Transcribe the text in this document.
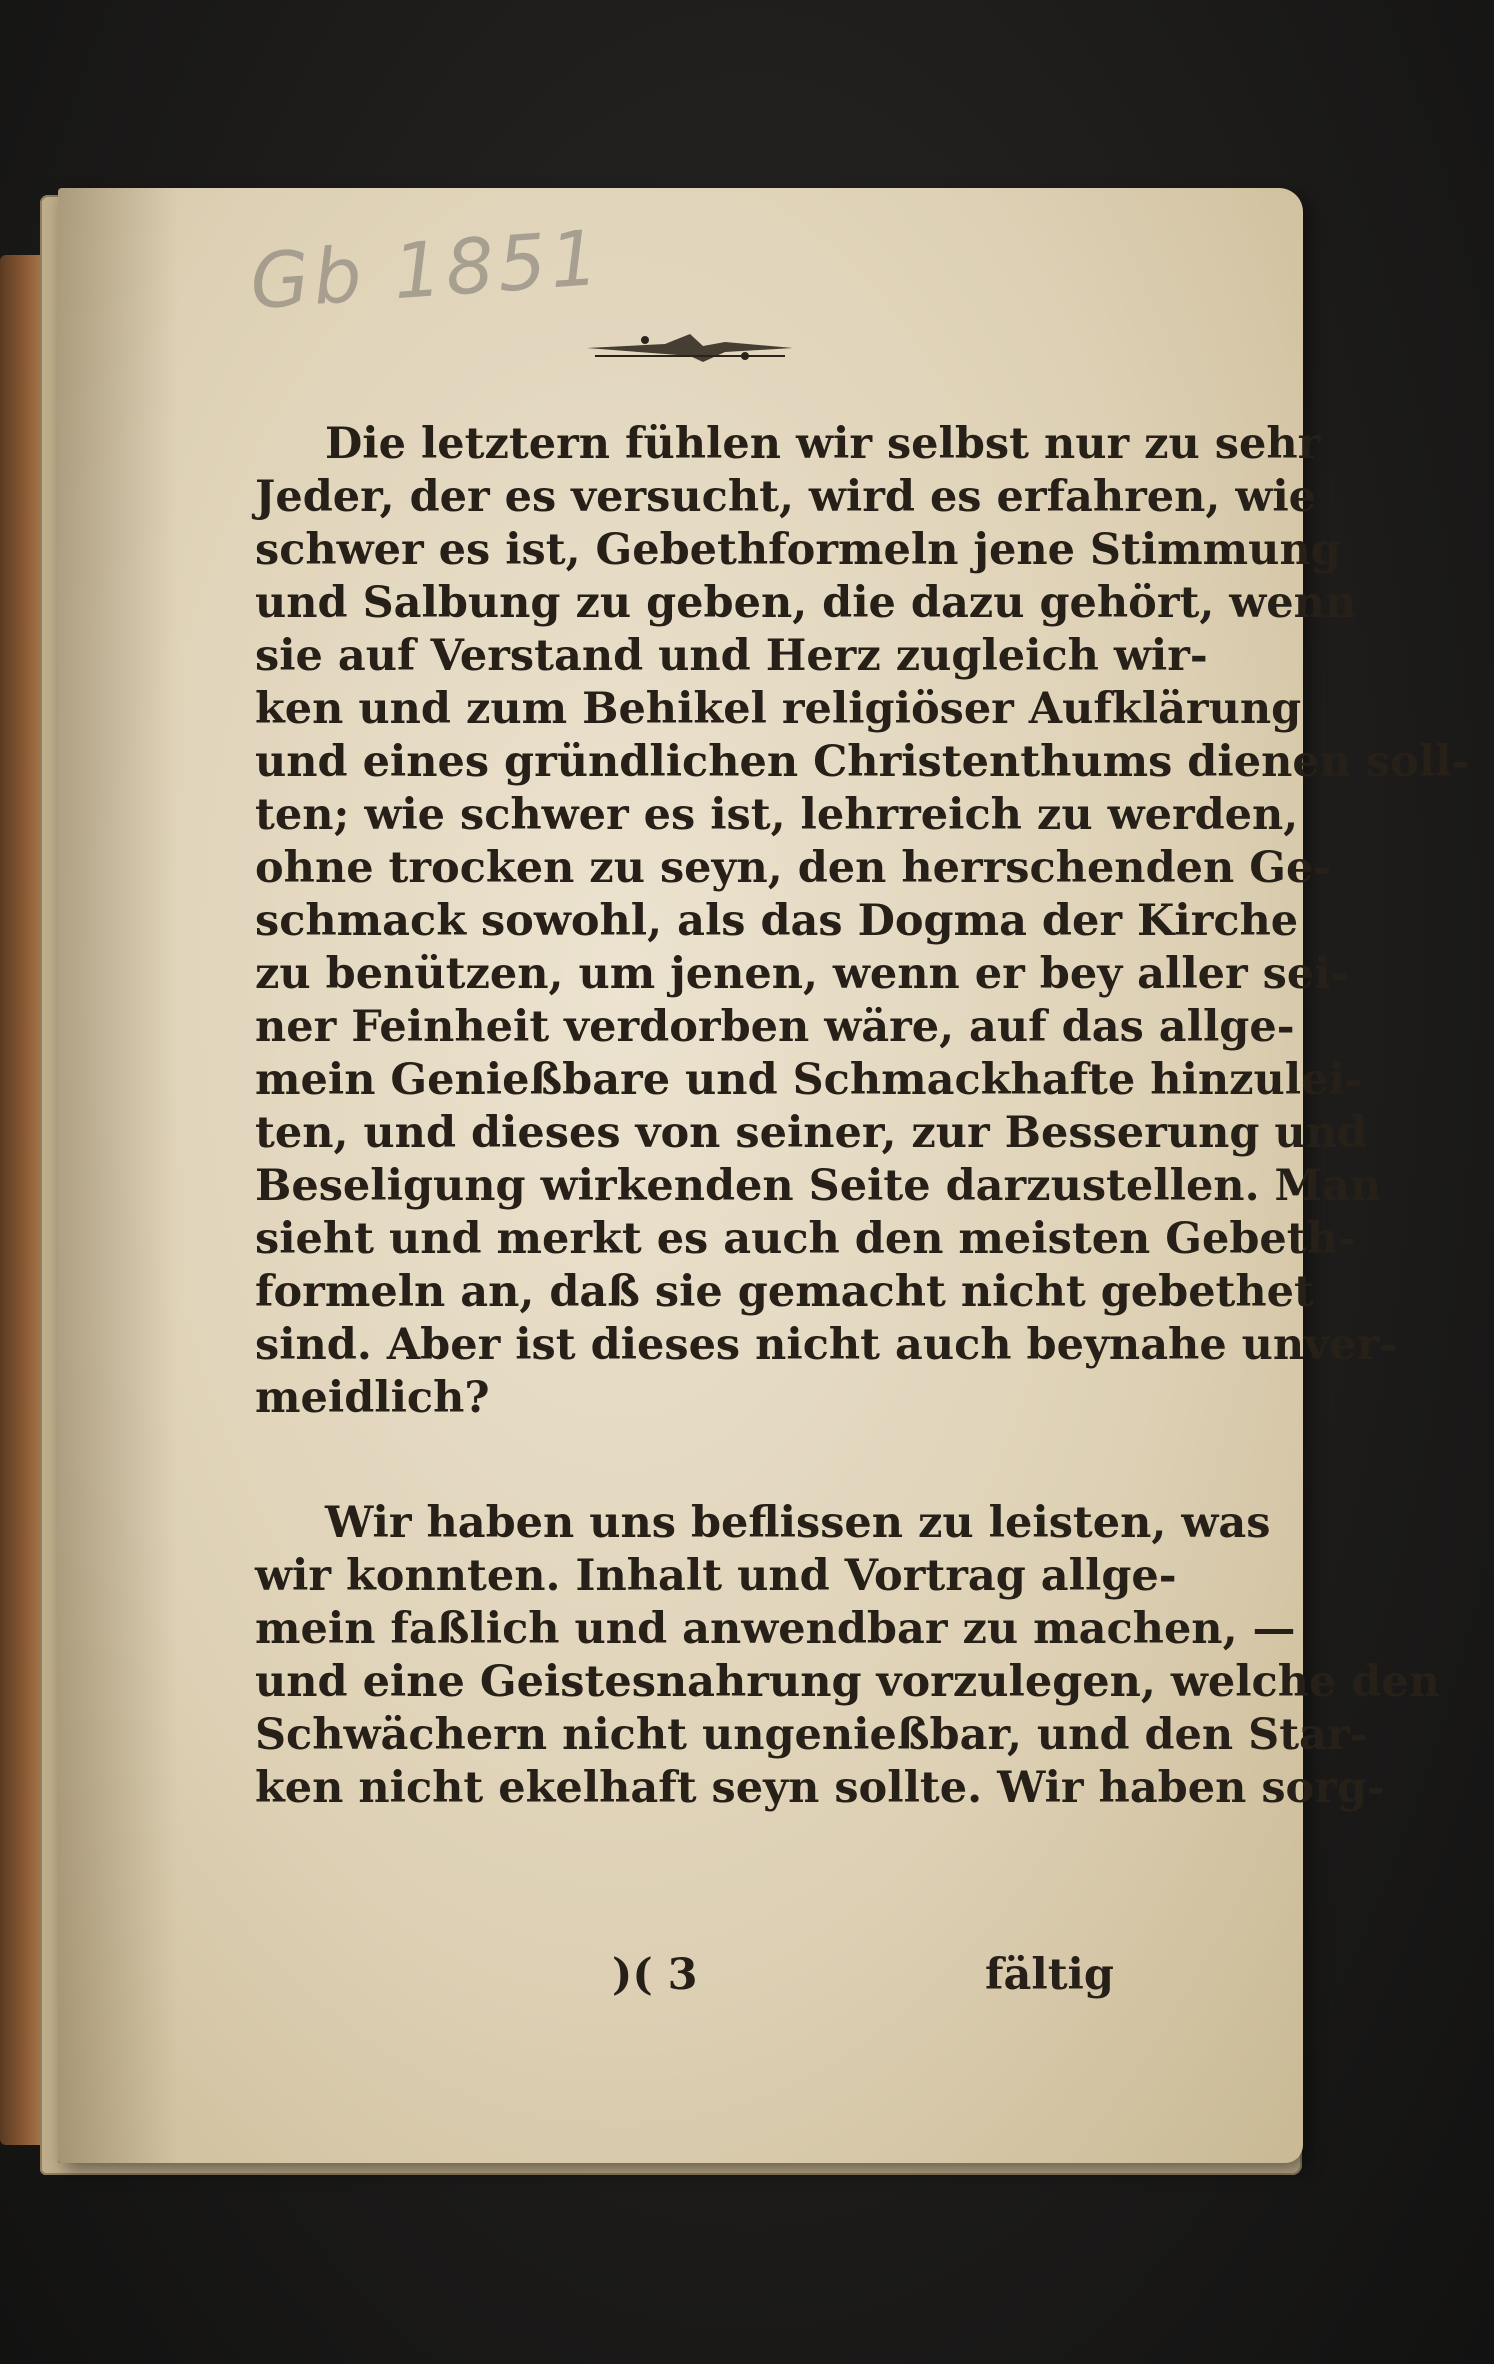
Gb 1851
Die letztern fühlen wir selbst nur zu sehr
Jeder, der es versucht, wird es erfahren, wie
schwer es ist, Gebethformeln jene Stimmung
und Salbung zu geben, die dazu gehört, wenn
sie auf Verstand und Herz zugleich wir-
ken und zum Behikel religiöser Aufklärung
und eines gründlichen Christenthums dienen soll-
ten; wie schwer es ist, lehrreich zu werden,
ohne trocken zu seyn, den herrschenden Ge-
schmack sowohl, als das Dogma der Kirche
zu benützen, um jenen, wenn er bey aller sei-
ner Feinheit verdorben wäre, auf das allge-
mein Genießbare und Schmackhafte hinzulei-
ten, und dieses von seiner, zur Besserung und
Beseligung wirkenden Seite darzustellen. Man
sieht und merkt es auch den meisten Gebeth-
formeln an, daß sie gemacht nicht gebethet
sind. Aber ist dieses nicht auch beynahe unver-
meidlich?
Wir haben uns beflissen zu leisten, was
wir konnten. Inhalt und Vortrag allge-
mein faßlich und anwendbar zu machen, —
und eine Geistesnahrung vorzulegen, welche den
Schwächern nicht ungenießbar, und den Star-
ken nicht ekelhaft seyn sollte. Wir haben sorg-
)( 3	fältig
